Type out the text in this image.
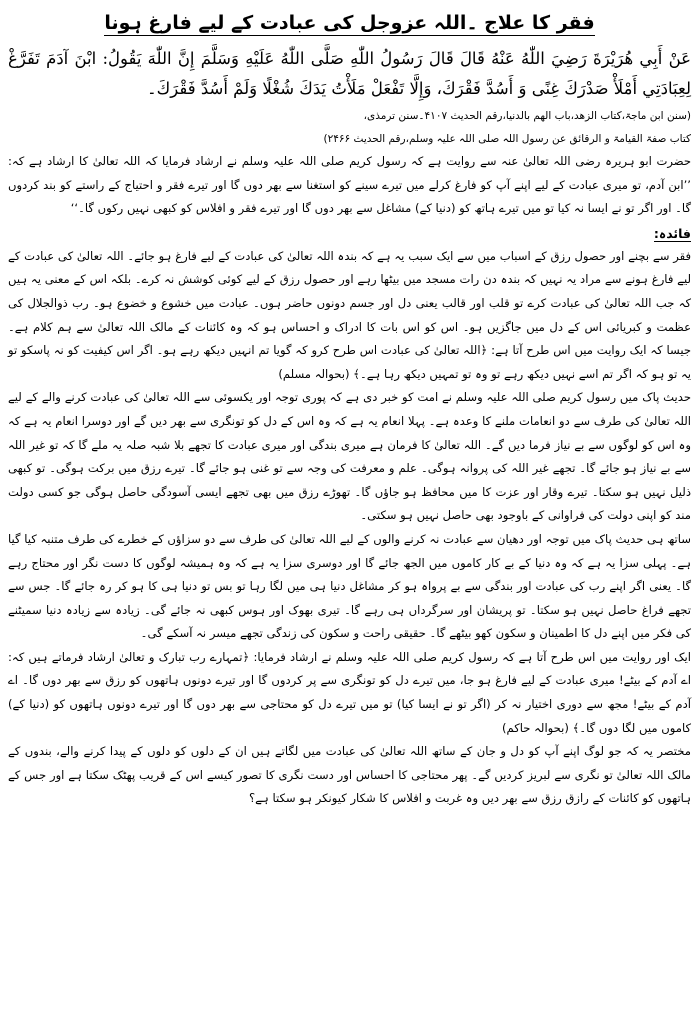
فقر کا علاج ۔اللہ عزوجل کی عبادت کے لیے فارغ ہونا
عَنْ أَبِي هُرَيْرَةَ رَضِيَ اللّٰهُ عَنْهُ قَالَ قَالَ رَسُولُ اللّٰهِ صَلَّى اللّٰهُ عَلَيْهِ وَسَلَّمَ إِنَّ اللّٰهَ يَقُولُ: ابْنَ آدَمَ تَفَرَّغْ لِعِبَادَتِي أَمْلَأْ صَدْرَكَ غِنًى وَ أَسُدَّ فَقْرَكَ، وَإِلَّا تَفْعَلْ مَلَأْتُ يَدَكَ شُغْلًا وَلَمْ أَسُدَّ فَقْرَكَ۔
(سنن ابن ماجۃ،کتاب الزھد،باب الھم بالدنیا،رقم الحدیث ۴۱۰۷۔سنن ترمذی،
کتاب صفۃ القیامۃ و الرقائق عن رسول اللہ صلی اللہ علیہ وسلم،رقم الحدیث ۲۴۶۶)

حضرت ابو ہریرہ رضی اللہ تعالیٰ عنہ سے روایت ہے کہ رسول کریم صلی اللہ علیہ وسلم نے ارشاد فرمایا کہ اللہ تعالیٰ کا ارشاد ہے کہ: ’’ابن آدم، تو میری عبادت کے لیے اپنے آپ کو فارغ کرلے میں تیرے سینے کو استغنا سے بھر دوں گا اور تیرے فقر و احتیاج کے راستے کو بند کردوں گا۔ اور اگر تو نے ایسا نہ کیا تو میں تیرے ہاتھ کو (دنیا کے) مشاغل سے بھر دوں گا اور تیرے فقر و افلاس کو کبھی نہیں رکوں گا۔‘‘

فائدہ:

فقر سے بچنے اور حصول رزق کے اسباب میں سے ایک سبب یہ ہے کہ بندہ اللہ تعالیٰ کی عبادت کے لیے فارغ ہو جائے۔ اللہ تعالیٰ کی عبادت کے لیے فارغ ہونے سے مراد یہ نہیں کہ بندہ دن رات مسجد میں بیٹھا رہے اور حصول رزق کے لیے کوئی کوشش نہ کرے۔ بلکہ اس کے معنی یہ ہیں کہ جب اللہ تعالیٰ کی عبادت کرے تو قلب اور قالب یعنی دل اور جسم دونوں حاضر ہوں۔ عبادت میں خشوع و خضوع ہو۔ رب ذوالجلال کی عظمت و کبریائی اس کے دل میں جاگزیں ہو۔ اس کو اس بات کا ادراک و احساس ہو کہ وہ کائنات کے مالک اللہ تعالیٰ سے ہم کلام ہے۔ جیسا کہ ایک روایت میں اس طرح آتا ہے: ﴿اللہ تعالیٰ کی عبادت اس طرح کرو کہ گویا تم انہیں دیکھ رہے ہو۔ اگر اس کیفیت کو نہ پاسکو تو یہ تو ہو کہ اگر تم اسے نہیں دیکھ رہے تو وہ تو تمہیں دیکھ رہا ہے۔﴾ (بحوالہ مسلم)

حدیث پاک میں رسول کریم صلی اللہ علیہ وسلم نے امت کو خبر دی ہے کہ پوری توجہ اور یکسوئی سے اللہ تعالیٰ کی عبادت کرنے والے کے لیے اللہ تعالیٰ کی طرف سے دو انعامات ملنے کا وعدہ ہے۔ پہلا انعام یہ ہے کہ وہ اس کے دل کو تونگری سے بھر دیں گے اور دوسرا انعام یہ ہے کہ وہ اس کو لوگوں سے بے نیاز فرما دیں گے۔ اللہ تعالیٰ کا فرمان ہے میری بندگی اور میری عبادت کا تجھے بلا شبہ صلہ یہ ملے گا کہ تو غیر اللہ سے بے نیاز ہو جائے گا۔ تجھے غیر اللہ کی پروانہ ہوگی۔ علم و معرفت کی وجہ سے تو غنی ہو جائے گا۔ تیرے رزق میں برکت ہوگی۔ تو کبھی ذلیل نہیں ہو سکتا۔ تیرے وقار اور عزت کا میں محافظ ہو جاؤں گا۔ تھوڑے رزق میں بھی تجھے ایسی آسودگی حاصل ہوگی جو کسی دولت مند کو اپنی دولت کی فراوانی کے باوجود بھی حاصل نہیں ہو سکتی۔

ساتھ ہی حدیث پاک میں توجہ اور دھیان سے عبادت نہ کرنے والوں کے لیے اللہ تعالیٰ کی طرف سے دو سزاؤں کے خطرے کی طرف متنبہ کیا گیا ہے۔ پہلی سزا یہ ہے کہ وہ دنیا کے بے کار کاموں میں الجھ جائے گا اور دوسری سزا یہ ہے کہ وہ ہمیشہ لوگوں کا دست نگر اور محتاج رہے گا۔ یعنی اگر اپنے رب کی عبادت اور بندگی سے بے پرواہ ہو کر مشاغل دنیا ہی میں لگا رہا تو بس تو دنیا ہی کا ہو کر رہ جائے گا۔ جس سے تجھے فراغ حاصل نہیں ہو سکتا۔ تو پریشان اور سرگرداں ہی رہے گا۔ تیری بھوک اور ہوس کبھی نہ جائے گی۔ زیادہ سے زیادہ دنیا سمیٹنے کی فکر میں اپنے دل کا اطمینان و سکون کھو بیٹھے گا۔ حقیقی راحت و سکون کی زندگی تجھے میسر نہ آسکے گی۔

ایک اور روایت میں اس طرح آتا ہے کہ رسول کریم صلی اللہ علیہ وسلم نے ارشاد فرمایا: ﴿تمہارے رب تبارک و تعالیٰ ارشاد فرماتے ہیں کہ: اے آدم کے بیٹے! میری عبادت کے لیے فارغ ہو جا، میں تیرے دل کو تونگری سے پر کردوں گا اور تیرے دونوں ہاتھوں کو رزق سے بھر دوں گا۔ اے آدم کے بیٹے! مجھ سے دوری اختیار نہ کر (اگر تو نے ایسا کیا) تو میں تیرے دل کو محتاجی سے بھر دوں گا اور تیرے دونوں ہاتھوں کو (دنیا کے) کاموں میں لگا دوں گا۔﴾ (بحوالہ حاکم)

مختصر یہ کہ جو لوگ اپنے آپ کو دل و جان کے ساتھ اللہ تعالیٰ کی عبادت میں لگاتے ہیں ان کے دلوں کو دلوں کے پیدا کرنے والے، بندوں کے مالک اللہ تعالیٰ تو نگری سے لبریز کردیں گے۔ پھر محتاجی کا احساس اور دست نگری کا تصور کیسے اس کے قریب پھٹک سکتا ہے اور جس کے ہاتھوں کو کائنات کے رازق رزق سے بھر دیں وہ غربت و افلاس کا شکار کیونکر ہو سکتا ہے؟
